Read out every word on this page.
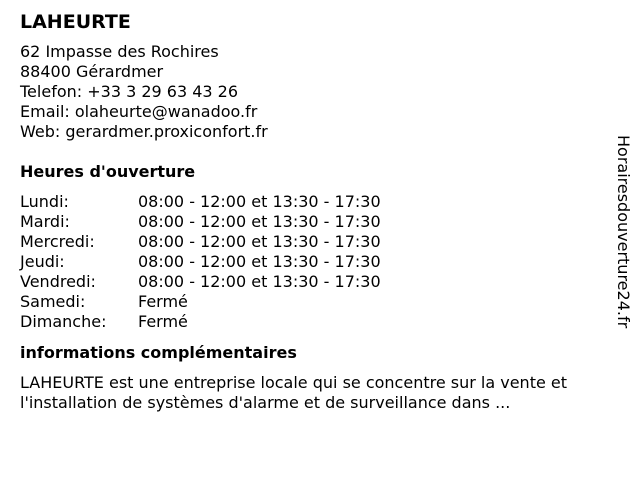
LAHEURTE
62 Impasse des Rochires
88400 Gérardmer
Telefon: +33 3 29 63 43 26
Email: olaheurte@wanadoo.fr
Web: gerardmer.proxiconfort.fr
Heures d'ouverture
Lundi:	08:00 - 12:00 et 13:30 - 17:30
Mardi:	08:00 - 12:00 et 13:30 - 17:30
Mercredi:	08:00 - 12:00 et 13:30 - 17:30
Jeudi:	08:00 - 12:00 et 13:30 - 17:30
Vendredi:	08:00 - 12:00 et 13:30 - 17:30
Samedi:	Fermé
Dimanche:	Fermé
informations complémentaires
LAHEURTE est une entreprise locale qui se concentre sur la vente et l'installation de systèmes d'alarme et de surveillance dans ...
Horairesdouverture24.fr
